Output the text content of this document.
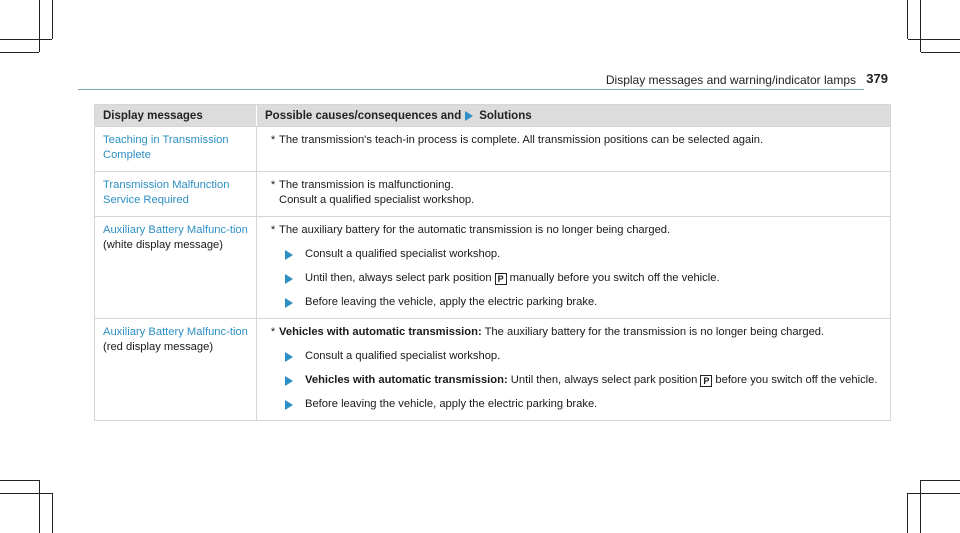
Display messages and warning/indicator lamps 379
Display messages	Possible causes/consequences and Solutions
Teaching in Transmission Complete
* The transmission's teach-in process is complete. All transmission positions can be selected again.
Transmission Malfunction Service Required
* The transmission is malfunctioning.
Consult a qualified specialist workshop.
Auxiliary Battery Malfunc-tion (white display message)
* The auxiliary battery for the automatic transmission is no longer being charged.
Consult a qualified specialist workshop.
Until then, always select park position P manually before you switch off the vehicle.
Before leaving the vehicle, apply the electric parking brake.
Auxiliary Battery Malfunc-tion (red display message)
* Vehicles with automatic transmission: The auxiliary battery for the transmission is no longer being charged.
Consult a qualified specialist workshop.
Vehicles with automatic transmission:
Until then, always select park position P before you switch off the vehicle.
Before leaving the vehicle, apply the electric parking brake.
